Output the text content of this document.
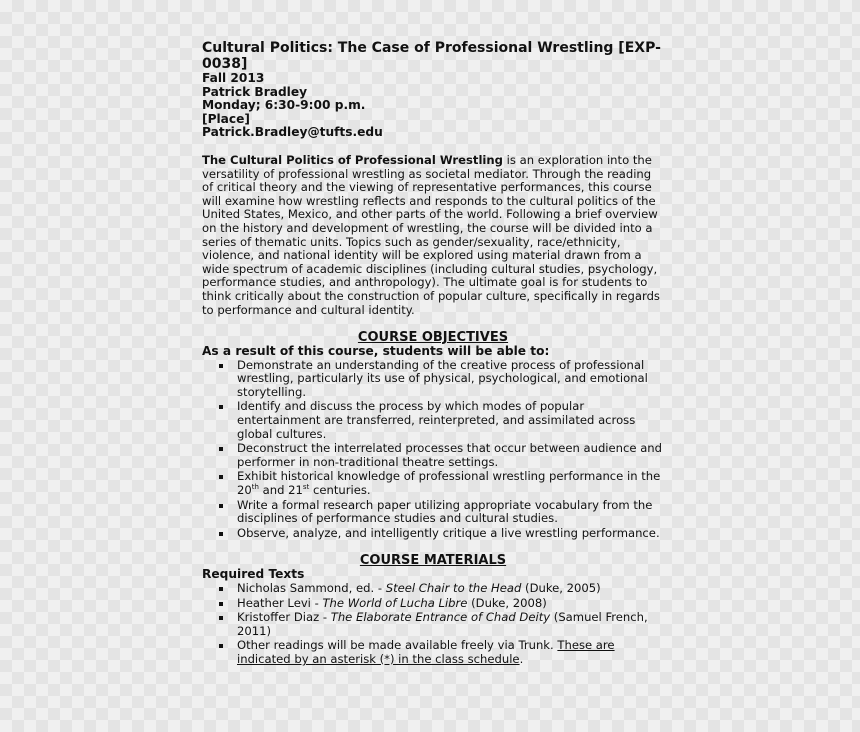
Cultural Politics: The Case of Professional Wrestling [EXP-0038]
Fall 2013
Patrick Bradley
Monday; 6:30-9:00 p.m.
[Place]
Patrick.Bradley@tufts.edu
The Cultural Politics of Professional Wrestling is an exploration into the versatility of professional wrestling as societal mediator. Through the reading of critical theory and the viewing of representative performances, this course will examine how wrestling reflects and responds to the cultural politics of the United States, Mexico, and other parts of the world. Following a brief overview on the history and development of wrestling, the course will be divided into a series of thematic units. Topics such as gender/sexuality, race/ethnicity, violence, and national identity will be explored using material drawn from a wide spectrum of academic disciplines (including cultural studies, psychology, performance studies, and anthropology). The ultimate goal is for students to think critically about the construction of popular culture, specifically in regards to performance and cultural identity.
COURSE OBJECTIVES
As a result of this course, students will be able to:
Demonstrate an understanding of the creative process of professional wrestling, particularly its use of physical, psychological, and emotional storytelling.
Identify and discuss the process by which modes of popular entertainment are transferred, reinterpreted, and assimilated across global cultures.
Deconstruct the interrelated processes that occur between audience and performer in non-traditional theatre settings.
Exhibit historical knowledge of professional wrestling performance in the 20th and 21st centuries.
Write a formal research paper utilizing appropriate vocabulary from the disciplines of performance studies and cultural studies.
Observe, analyze, and intelligently critique a live wrestling performance.
COURSE MATERIALS
Required Texts
Nicholas Sammond, ed. - Steel Chair to the Head (Duke, 2005)
Heather Levi - The World of Lucha Libre (Duke, 2008)
Kristoffer Diaz - The Elaborate Entrance of Chad Deity (Samuel French, 2011)
Other readings will be made available freely via Trunk. These are indicated by an asterisk (*) in the class schedule.
